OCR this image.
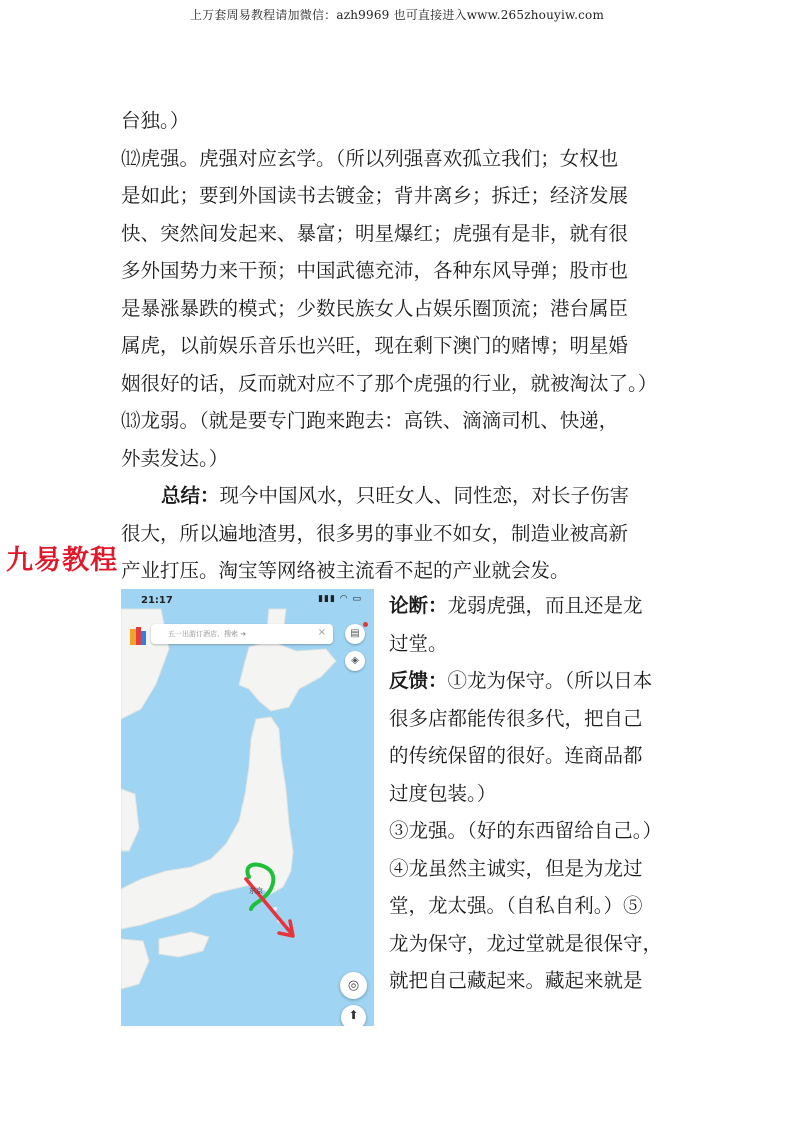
上万套周易教程请加微信：azh9969 也可直接进入www.265zhouyiw.com

台独。）

⑿虎强。虎强对应玄学。（所以列强喜欢孤立我们；女权也

是如此；要到外国读书去镀金；背井离乡；拆迁；经济发展

快、突然间发起来、暴富；明星爆红；虎强有是非，就有很

多外国势力来干预；中国武德充沛，各种东风导弹；股市也

是暴涨暴跌的模式；少数民族女人占娱乐圈顶流；港台属臣

属虎，以前娱乐音乐也兴旺，现在剩下澳门的赌博；明星婚

姻很好的话，反而就对应不了那个虎强的行业，就被淘汰了。）

⒀龙弱。（就是要专门跑来跑去：高铁、滴滴司机、快递，

外卖发达。）

总结：现今中国风水，只旺女人、同性恋，对长子伤害

很大，所以遍地渣男，很多男的事业不如女，制造业被高新

产业打压。淘宝等网络被主流看不起的产业就会发。

九易教程
东京
21:17	▮▮▮ ◠ ▭
五一出游订酒店、搜索 ➔	×	▤
◈
◎
⬆

论断：龙弱虎强，而且还是龙

过堂。

反馈：①龙为保守。（所以日本

很多店都能传很多代，把自己

的传统保留的很好。连商品都

过度包装。）

③龙强。（好的东西留给自己。）

④龙虽然主诚实，但是为龙过

堂，龙太强。（自私自利。）⑤

龙为保守，龙过堂就是很保守，

就把自己藏起来。藏起来就是
